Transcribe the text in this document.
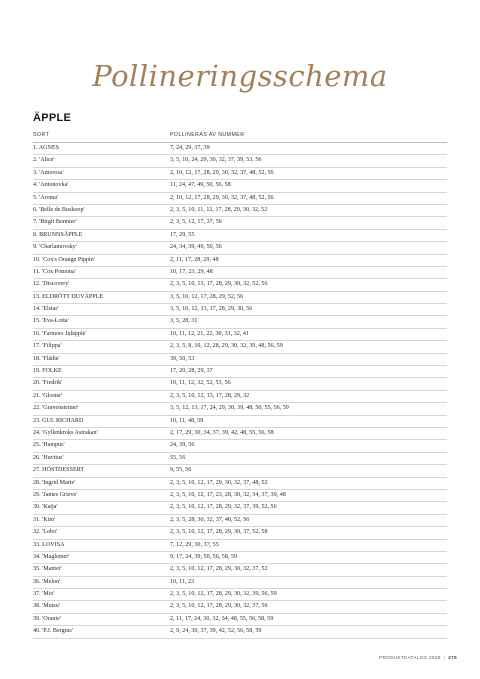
Pollineringsschema
ÄPPLE
SORT	POLLINERAS AV NUMMER
1. AGNES	7, 24, 29, 37, 39
2. 'Alice'	3, 5, 10, 24, 29, 30, 32, 37, 39, 53, 56
3. 'Amorosa'	2, 10, 12, 17, 28, 29, 30, 32, 37, 48, 52, 56
4. 'Antonovka'	11, 24, 47, 49, 50, 56, 58
5. 'Aroma'	2, 10, 12, 17, 28, 29, 30, 32, 37, 48, 52, 56
6. 'Belle de Boskoop'	2, 3, 5, 10, 11, 12, 17, 28, 29, 30, 32, 52
7. 'Birgit Bonnier'	2, 3, 5, 12, 17, 37, 56
8. BRUNNSÄPPLE	17, 29, 55
9. 'Charlamovsky'	24, 34, 39, 49, 50, 56
10. 'Cox's Orange Pippin'	2, 11, 17, 28, 29, 48
11. 'Cox Pomona'	10, 17, 23, 29, 48
12. 'Discovery'	2, 3, 5, 10, 13, 17, 28, 29, 30, 32, 52, 56
13. ELDRÖTT DUVÄPPLE	3, 5, 10, 12, 17, 28, 29, 52, 56
14. 'Elstar'	3, 5, 10, 12, 13, 17, 28, 29, 30, 56
15. 'Eva-Lotta'	3, 5, 28, 31
16. 'Farmors Juläpple'	10, 11, 12, 21, 22, 30, 31, 32, 41
17. 'Filippa'	2, 3, 5, 8, 10, 12, 28, 29, 30, 32, 39, 48, 56, 59
18. 'Flädie'	39, 50, 53
19. FOLKE	17, 20, 28, 29, 37
20. 'Fredrik'	10, 11, 12, 32, 52, 53, 56
21. 'Gloster'	2, 3, 5, 10, 12, 13, 17, 28, 29, 32
22. 'Gravensteiner'	3, 5, 12, 13, 17, 24, 29, 30, 39, 48, 50, 55, 56, 59
23. GUL RICHARD	10, 11, 48, 59
24. 'Gyllenkroks Astrakan'	2, 17, 29, 30, 34, 37, 39, 42, 48, 55, 56, 58
25. 'Hampus'	24, 39, 56
26. 'Huvitus'	55, 56
27. HÖSTDESSERT	9, 55, 56
28. 'Ingrid Marie'	2, 3, 5, 10, 12, 17, 29, 30, 32, 37, 48, 52
29. 'James Grieve'	2, 3, 5, 10, 12, 17, 23, 28, 30, 32, 34, 37, 39, 48
30. 'Katja'	2, 3, 5, 10, 12, 17, 28, 29, 32, 37, 39, 52, 56
31. 'Kim'	2, 3, 5, 28, 30, 32, 37, 48, 52, 56
32. 'Lobo'	2, 3, 5, 10, 12, 17, 28, 29, 30, 37, 52, 58
33. LOVISA	7, 12, 29, 30, 37, 55
34. 'Maglemer'	9, 17, 24, 39, 50, 56, 58, 59
35. 'Mantet'	2, 3, 5, 10, 12, 17, 28, 29, 30, 32, 37, 52
36. 'Melon'	10, 11, 23
37. 'Mio'	2, 3, 5, 10, 12, 17, 28, 29, 30, 32, 39, 56, 59
38. 'Mutsu'	2, 3, 5, 10, 12, 17, 28, 29, 30, 32, 37, 56
39. 'Oranie'	2, 11, 17, 24, 30, 32, 34, 48, 55, 56, 58, 59
40. 'P.J. Bergius'	2, 9, 24, 30, 37, 39, 42, 52, 56, 58, 59
PRODUKTKATALOG 2026 | 275
